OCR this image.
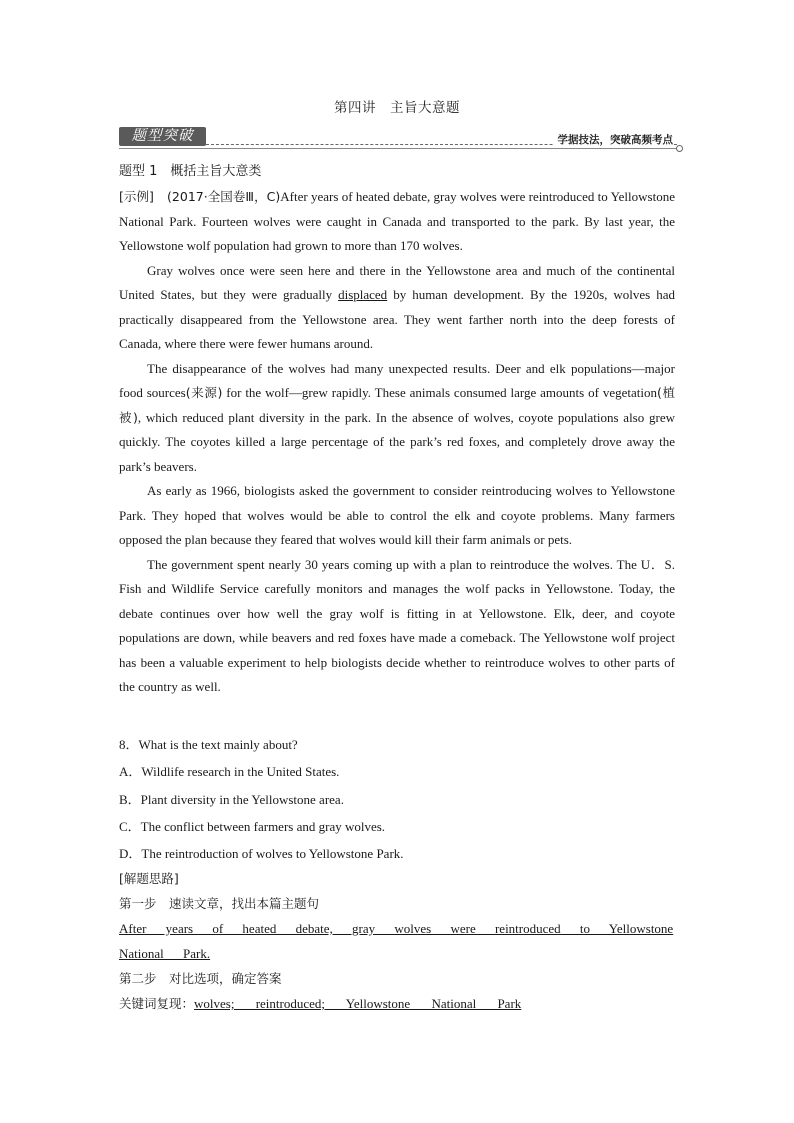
第四讲　主旨大意题
题型突破	学据技法，突破高频考点
题型 1　概括主旨大意类

[示例]　 (2017·全国卷Ⅲ，C)After years of heated debate, gray wolves were reintroduced to Yellowstone National Park. Fourteen wolves were caught in Canada and transported to the park. By last year, the Yellowstone wolf population had grown to more than 170 wolves.

Gray wolves once were seen here and there in the Yellowstone area and much of the continental United States, but they were gradually displaced by human development. By the 1920s, wolves had practically disappeared from the Yellowstone area. They went farther north into the deep forests of Canada, where there were fewer humans around.

The disappearance of the wolves had many unexpected results. Deer and elk populations—major food sources(来源) for the wolf—grew rapidly. These animals consumed large amounts of vegetation(植被), which reduced plant diversity in the park. In the absence of wolves, coyote populations also grew quickly. The coyotes killed a large percentage of the park’s red foxes, and completely drove away the park’s beavers.

As early as 1966, biologists asked the government to consider reintroducing wolves to Yellowstone Park. They hoped that wolves would be able to control the elk and coyote problems. Many farmers opposed the plan because they feared that wolves would kill their farm animals or pets.

The government spent nearly 30 years coming up with a plan to reintroduce the wolves. The U．S. Fish and Wildlife Service carefully monitors and manages the wolf packs in Yellowstone. Today, the debate continues over how well the gray wolf is fitting in at Yellowstone. Elk, deer, and coyote populations are down, while beavers and red foxes have made a comeback. The Yellowstone wolf project has been a valuable experiment to help biologists decide whether to reintroduce wolves to other parts of the country as well.

8．What is the text mainly about?

A．Wildlife research in the United States.

B．Plant diversity in the Yellowstone area.

C．The conflict between farmers and gray wolves.

D．The reintroduction of wolves to Yellowstone Park.

[解题思路]

第一步　速读文章，找出本篇主题句

After years of heated debate, gray wolves were reintroduced to Yellowstone National Park.

第二步　对比选项，确定答案

关键词复现：wolves; reintroduced; Yellowstone National Park
